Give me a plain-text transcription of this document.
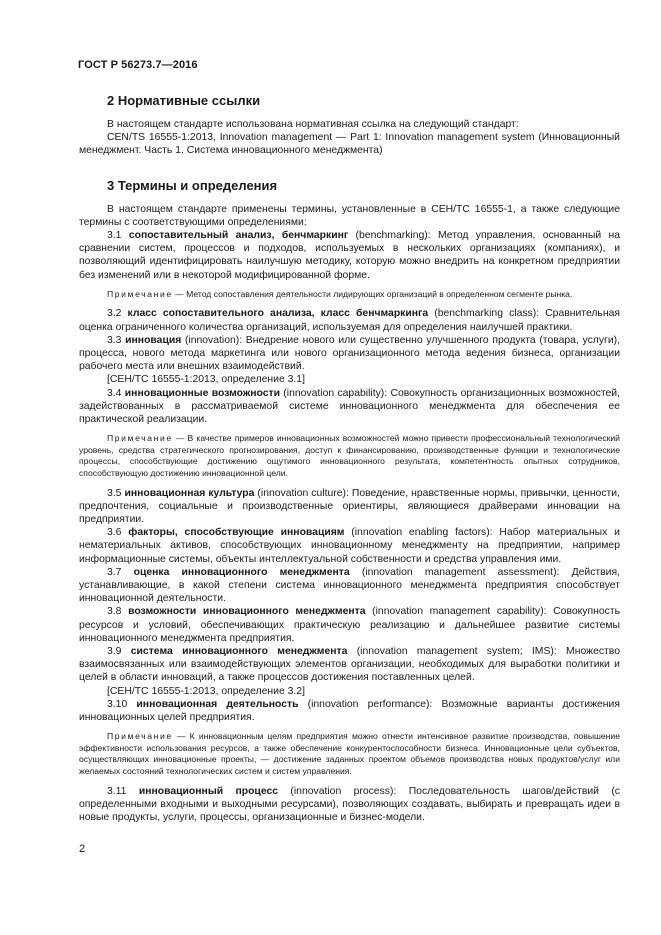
ГОСТ Р 56273.7—2016
2 Нормативные ссылки

В настоящем стандарте использована нормативная ссылка на следующий стандарт:

CEN/TS 16555-1:2013, Innovation management — Part 1: Innovation management system (Инновационный менеджмент. Часть 1. Система инновационного менеджмента)

3 Термины и определения

В настоящем стандарте применены термины, установленные в CEH/TC 16555-1, а также следующие термины с соответствующими определениями:

3.1 сопоставительный анализ, бенчмаркинг (benchmarking): Метод управления, основанный на сравнении систем, процессов и подходов, используемых в нескольких организациях (компаниях), и позволяющий идентифицировать наилучшую методику, которую можно внедрить на конкретном предприятии без изменений или в некоторой модифицированной форме.

Примечание — Метод сопоставления деятельности лидирующих организаций в определенном сегменте рынка.

3.2 класс сопоставительного анализа, класс бенчмаркинга (benchmarking class): Сравнительная оценка ограниченного количества организаций, используемая для определения наилучшей практики.

3.3 инновация (innovation): Внедрение нового или существенно улучшенного продукта (товара, услуги), процесса, нового метода маркетинга или нового организационного метода ведения бизнеса, организации рабочего места или внешних взаимодействий.

[CEH/TC 16555-1:2013, определение 3.1]

3.4 инновационные возможности (innovation capability): Совокупность организационных возможностей, задействованных в рассматриваемой системе инновационного менеджмента для обеспечения ее практической реализации.

Примечание — В качестве примеров инновационных возможностей можно привести профессиональный технологический уровень, средства стратегического прогнозирования, доступ к финансированию, производственные функции и технологические процессы, способствующие достижению ощутимого инновационного результата, компетентность опытных сотрудников, способствующую достижению инновационной цели.

3.5 инновационная культура (innovation culture): Поведение, нравственные нормы, привычки, ценности, предпочтения, социальные и производственные ориентиры, являющиеся драйверами инновации на предприятии.

3.6 факторы, способствующие инновациям (innovation enabling factors): Набор материальных и нематериальных активов, способствующих инновационному менеджменту на предприятии, например информационные системы, объекты интеллектуальной собственности и средства управления ими.

3.7 оценка инновационного менеджмента (innovation management assessment): Действия, устанавливающие, в какой степени система инновационного менеджмента предприятия способствует инновационной деятельности.

3.8 возможности инновационного менеджмента (innovation management capability): Совокупность ресурсов и условий, обеспечивающих практическую реализацию и дальнейшее развитие системы инновационного менеджмента предприятия.

3.9 система инновационного менеджмента (innovation management system; IMS): Множество взаимосвязанных или взаимодействующих элементов организации, необходимых для выработки политики и целей в области инноваций, а также процессов достижения поставленных целей.

[CEH/TC 16555-1:2013, определение 3.2]

3.10 инновационная деятельность (innovation performance): Возможные варианты достижения инновационных целей предприятия.

Примечание — К инновационным целям предприятия можно отнести интенсивное развитие производства, повышение эффективности использования ресурсов, а также обеспечение конкурентоспособности бизнеса. Инновационные цели субъектов, осуществляющих инновационные проекты, — достижение заданных проектом объемов производства новых продуктов/услуг или желаемых состояний технологических систем и систем управления.

3.11 инновационный процесс (innovation process): Последовательность шагов/действий (с определенными входными и выходными ресурсами), позволяющих создавать, выбирать и превращать идеи в новые продукты, услуги, процессы, организационные и бизнес-модели.

2
